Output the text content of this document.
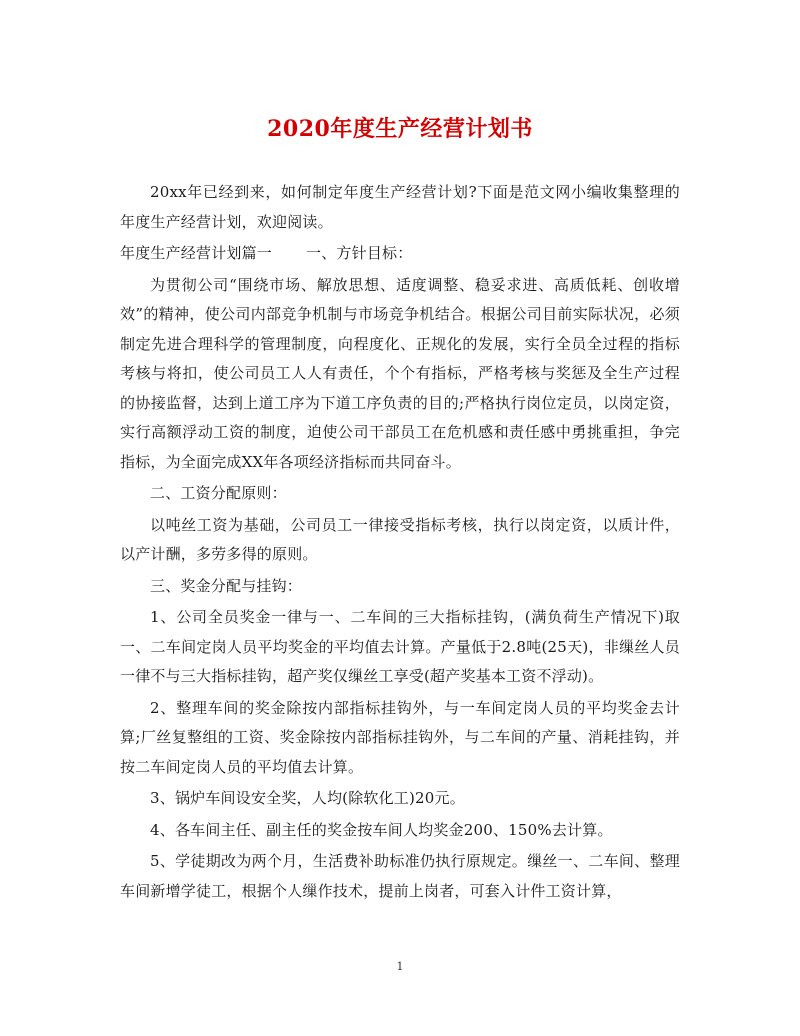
2020年度生产经营计划书

20xx年已经到来，如何制定年度生产经营计划?下面是范文网小编收集整理的年度生产经营计划，欢迎阅读。

年度生产经营计划篇一 一、方针目标：

为贯彻公司“围绕市场、解放思想、适度调整、稳妥求进、高质低耗、创收增效”的精神，使公司内部竞争机制与市场竞争机结合。根据公司目前实际状况，必须制定先进合理科学的管理制度，向程度化、正规化的发展，实行全员全过程的指标考核与将扣，使公司员工人人有责任，个个有指标，严格考核与奖惩及全生产过程的协接监督，达到上道工序为下道工序负责的目的;严格执行岗位定员，以岗定资，实行高额浮动工资的制度，迫使公司干部员工在危机感和责任感中勇挑重担，争完指标，为全面完成XX年各项经济指标而共同奋斗。

二、工资分配原则：

以吨丝工资为基础，公司员工一律接受指标考核，执行以岗定资，以质计件，以产计酬，多劳多得的原则。

三、奖金分配与挂钩：

1、公司全员奖金一律与一、二车间的三大指标挂钩，(满负荷生产情况下)取一、二车间定岗人员平均奖金的平均值去计算。产量低于2.8吨(25天)，非缫丝人员一律不与三大指标挂钩，超产奖仅缫丝工享受(超产奖基本工资不浮动)。

2、整理车间的奖金除按内部指标挂钩外，与一车间定岗人员的平均奖金去计算;厂丝复整组的工资、奖金除按内部指标挂钩外，与二车间的产量、消耗挂钩，并按二车间定岗人员的平均值去计算。

3、锅炉车间设安全奖，人均(除软化工)20元。

4、各车间主任、副主任的奖金按车间人均奖金200、150%去计算。

5、学徒期改为两个月，生活费补助标准仍执行原规定。缫丝一、二车间、整理车间新增学徒工，根据个人缫作技术，提前上岗者，可套入计件工资计算，

1
